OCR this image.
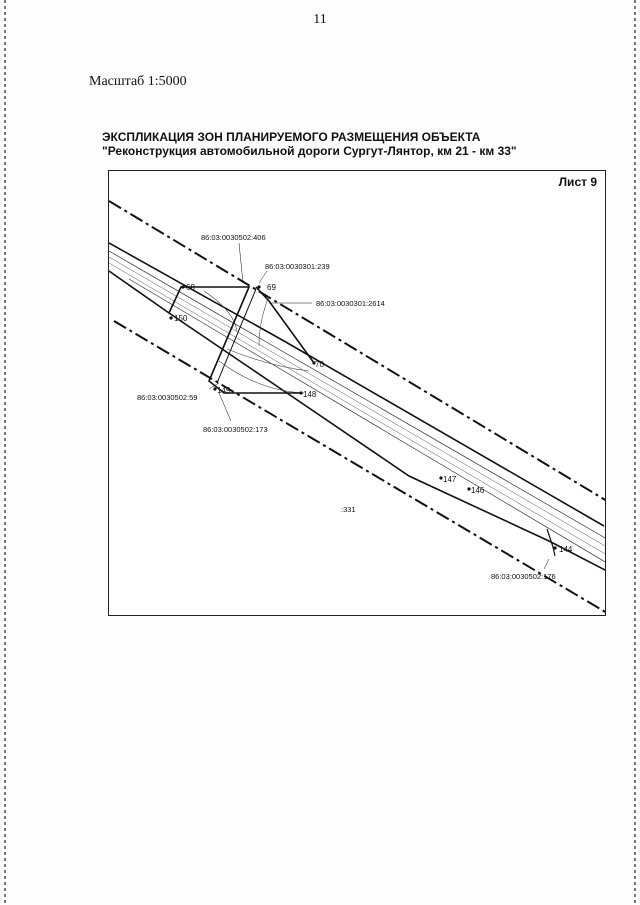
11
Масштаб 1:5000
ЭКСПЛИКАЦИЯ ЗОН ПЛАНИРУЕМОГО РАЗМЕЩЕНИЯ ОБЪЕКТА
"Реконструкция автомобильной дороги Сургут-Лянтор, км 21 - км 33"
Лист 9
86:03:0030502:406
86:03:0030301:239
86:03:0030301:2614
86:03:0030502:59
86:03:0030502:173
86:03:0030502:176
:331
68	69
150
70
149	148
147
146
144
